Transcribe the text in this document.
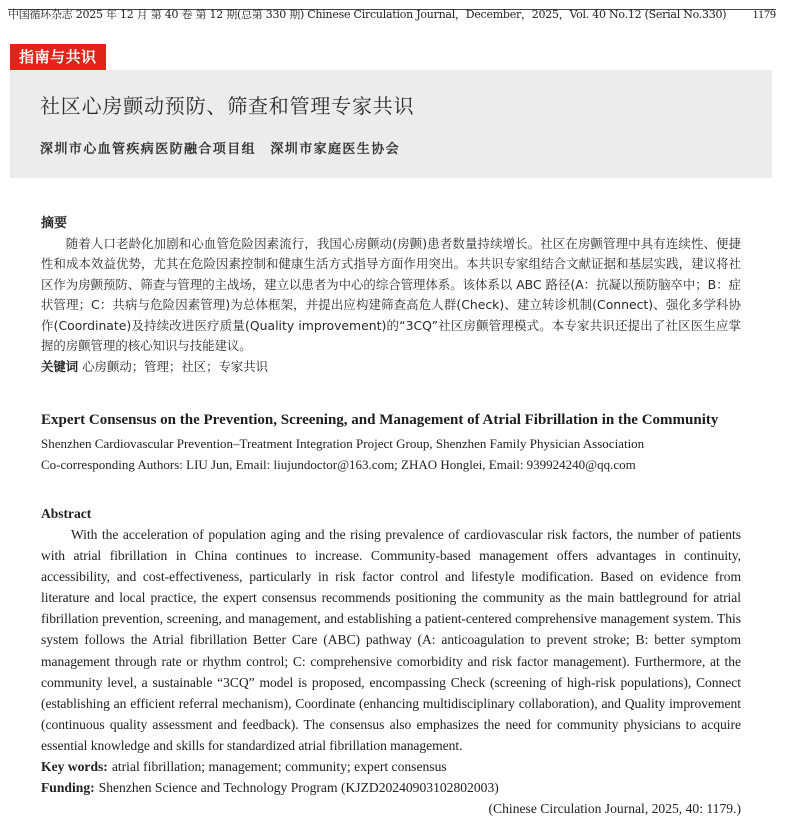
中国循环杂志 2025 年 12 月 第 40 卷 第 12 期(总第 330 期) Chinese Circulation Journal，December，2025，Vol. 40 No.12 (Serial No.330) 1179
指南与共识
社区心房颤动预防、筛查和管理专家共识
深圳市心血管疾病医防融合项目组　深圳市家庭医生协会
摘要

随着人口老龄化加剧和心血管危险因素流行，我国心房颤动(房颤)患者数量持续增长。社区在房颤管理中具有连续性、便捷性和成本效益优势，尤其在危险因素控制和健康生活方式指导方面作用突出。本共识专家组结合文献证据和基层实践，建议将社区作为房颤预防、筛查与管理的主战场，建立以患者为中心的综合管理体系。该体系以 ABC 路径(A：抗凝以预防脑卒中；B：症状管理；C：共病与危险因素管理)为总体框架，并提出应构建筛查高危人群(Check)、建立转诊机制(Connect)、强化多学科协作(Coordinate)及持续改进医疗质量(Quality improvement)的“3CQ”社区房颤管理模式。本专家共识还提出了社区医生应掌握的房颤管理的核心知识与技能建议。

关键词 心房颤动；管理；社区；专家共识
Expert Consensus on the Prevention, Screening, and Management of Atrial Fibrillation in the Community
Shenzhen Cardiovascular Prevention–Treatment Integration Project Group, Shenzhen Family Physician Association
Co-corresponding Authors: LIU Jun, Email: liujundoctor@163.com; ZHAO Honglei, Email: 939924240@qq.com
Abstract

With the acceleration of population aging and the rising prevalence of cardiovascular risk factors, the number of patients with atrial fibrillation in China continues to increase. Community-based management offers advantages in continuity, accessibility, and cost-effectiveness, particularly in risk factor control and lifestyle modification. Based on evidence from literature and local practice, the expert consensus recommends positioning the community as the main battleground for atrial fibrillation prevention, screening, and management, and establishing a patient-centered comprehensive management system. This system follows the Atrial fibrillation Better Care (ABC) pathway (A: anticoagulation to prevent stroke; B: better symptom management through rate or rhythm control; C: comprehensive comorbidity and risk factor management). Furthermore, at the community level, a sustainable “3CQ” model is proposed, encompassing Check (screening of high-risk populations), Connect (establishing an efficient referral mechanism), Coordinate (enhancing multidisciplinary collaboration), and Quality improvement (continuous quality assessment and feedback). The consensus also emphasizes the need for community physicians to acquire essential knowledge and skills for standardized atrial fibrillation management.

Key words: atrial fibrillation; management; community; expert consensus
Funding: Shenzhen Science and Technology Program (KJZD20240903102802003)
(Chinese Circulation Journal, 2025, 40: 1179.)
